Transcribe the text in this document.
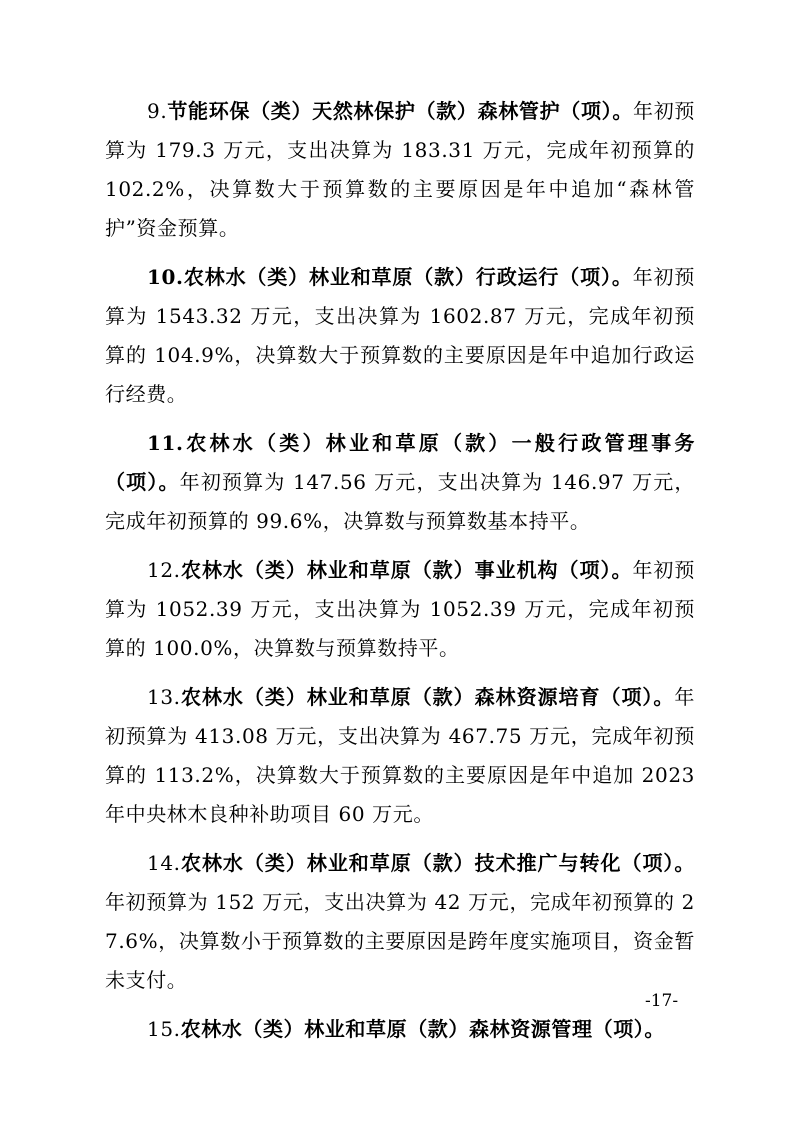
9.节能环保（类）天然林保护（款）森林管护（项）。年初预算为 179.3 万元，支出决算为 183.31 万元，完成年初预算的 102.2%，决算数大于预算数的主要原因是年中追加“森林管护”资金预算。

10.农林水（类）林业和草原（款）行政运行（项）。年初预算为 1543.32 万元，支出决算为 1602.87 万元，完成年初预算的 104.9%，决算数大于预算数的主要原因是年中追加行政运行经费。

11.农林水（类）林业和草原（款）一般行政管理事务（项）。年初预算为 147.56 万元，支出决算为 146.97 万元，完成年初预算的 99.6%，决算数与预算数基本持平。

12.农林水（类）林业和草原（款）事业机构（项）。年初预算为 1052.39 万元，支出决算为 1052.39 万元，完成年初预算的 100.0%，决算数与预算数持平。

13.农林水（类）林业和草原（款）森林资源培育（项）。年初预算为 413.08 万元，支出决算为 467.75 万元，完成年初预算的 113.2%，决算数大于预算数的主要原因是年中追加 2023 年中央林木良种补助项目 60 万元。

14.农林水（类）林业和草原（款）技术推广与转化（项）。年初预算为 152 万元，支出决算为 42 万元，完成年初预算的 27.6%，决算数小于预算数的主要原因是跨年度实施项目，资金暂未支付。

15.农林水（类）林业和草原（款）森林资源管理（项）。

-17-
